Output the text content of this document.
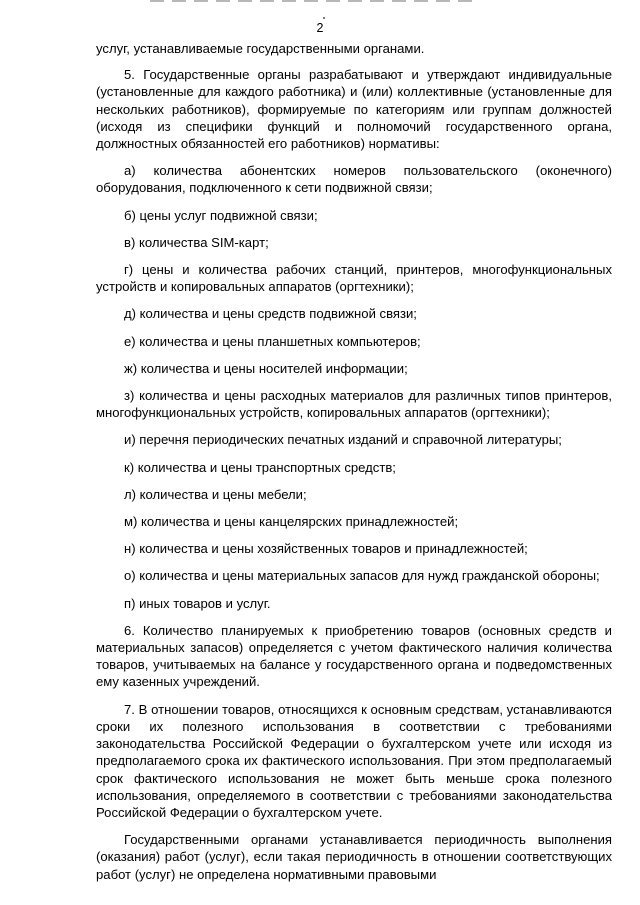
2

услуг, устанавливаемые государственными органами.

5. Государственные органы разрабатывают и утверждают индивидуальные (установленные для каждого работника) и (или) коллективные (установленные для нескольких работников), формируемые по категориям или группам должностей (исходя из специфики функций и полномочий государственного органа, должностных обязанностей его работников) нормативы:

а) количества абонентских номеров пользовательского (оконечного) оборудования, подключенного к сети подвижной связи;

б) цены услуг подвижной связи;

в) количества SIM-карт;

г) цены и количества рабочих станций, принтеров, многофункциональных устройств и копировальных аппаратов (оргтехники);

д) количества и цены средств подвижной связи;

е) количества и цены планшетных компьютеров;

ж) количества и цены носителей информации;

з) количества и цены расходных материалов для различных типов принтеров, многофункциональных устройств, копировальных аппаратов (оргтехники);

и) перечня периодических печатных изданий и справочной литературы;

к) количества и цены транспортных средств;

л) количества и цены мебели;

м) количества и цены канцелярских принадлежностей;

н) количества и цены хозяйственных товаров и принадлежностей;

о) количества и цены материальных запасов для нужд гражданской обороны;

п) иных товаров и услуг.

6. Количество планируемых к приобретению товаров (основных средств и материальных запасов) определяется с учетом фактического наличия количества товаров, учитываемых на балансе у государственного органа и подведомственных ему казенных учреждений.

7. В отношении товаров, относящихся к основным средствам, устанавливаются сроки их полезного использования в соответствии с требованиями законодательства Российской Федерации о бухгалтерском учете или исходя из предполагаемого срока их фактического использования. При этом предполагаемый срок фактического использования не может быть меньше срока полезного использования, определяемого в соответствии с требованиями законодательства Российской Федерации о бухгалтерском учете.

Государственными органами устанавливается периодичность выполнения (оказания) работ (услуг), если такая периодичность в отношении соответствующих работ (услуг) не определена нормативными правовыми
